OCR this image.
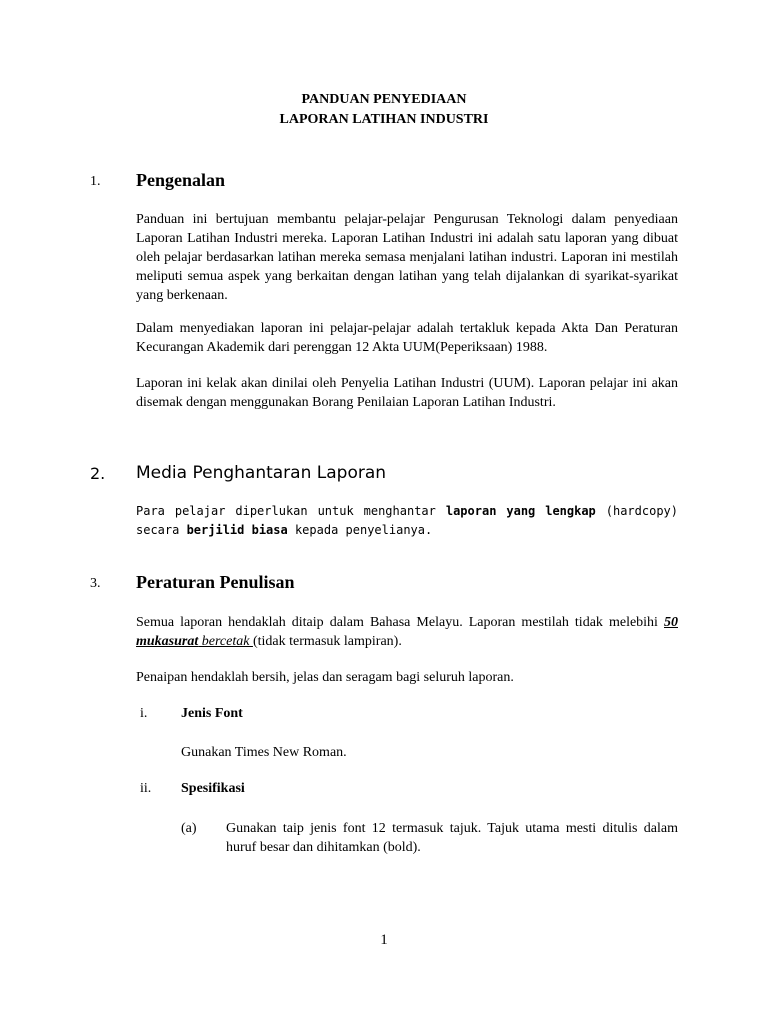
PANDUAN PENYEDIAAN
LAPORAN LATIHAN INDUSTRI
1. Pengenalan
Panduan ini bertujuan membantu pelajar-pelajar Pengurusan Teknologi dalam penyediaan Laporan Latihan Industri mereka. Laporan Latihan Industri ini adalah satu laporan yang dibuat oleh pelajar berdasarkan latihan mereka semasa menjalani latihan industri. Laporan ini mestilah meliputi semua aspek yang berkaitan dengan latihan yang telah dijalankan di syarikat-syarikat yang berkenaan.
Dalam menyediakan laporan ini pelajar-pelajar adalah tertakluk kepada Akta Dan Peraturan Kecurangan Akademik dari perenggan 12 Akta UUM(Peperiksaan) 1988.
Laporan ini kelak akan dinilai oleh Penyelia Latihan Industri (UUM). Laporan pelajar ini akan disemak dengan menggunakan Borang Penilaian Laporan Latihan Industri.
2. Media Penghantaran Laporan
Para pelajar diperlukan untuk menghantar laporan yang lengkap (hardcopy) secara berjilid biasa kepada penyelianya.
3. Peraturan Penulisan
Semua laporan hendaklah ditaip dalam Bahasa Melayu. Laporan mestilah tidak melebihi 50 mukasurat bercetak (tidak termasuk lampiran).
Penaipan hendaklah bersih, jelas dan seragam bagi seluruh laporan.
i. Jenis Font
Gunakan Times New Roman.
ii. Spesifikasi
(a) Gunakan taip jenis font 12 termasuk tajuk. Tajuk utama mesti ditulis dalam huruf besar dan dihitamkan (bold).
1
